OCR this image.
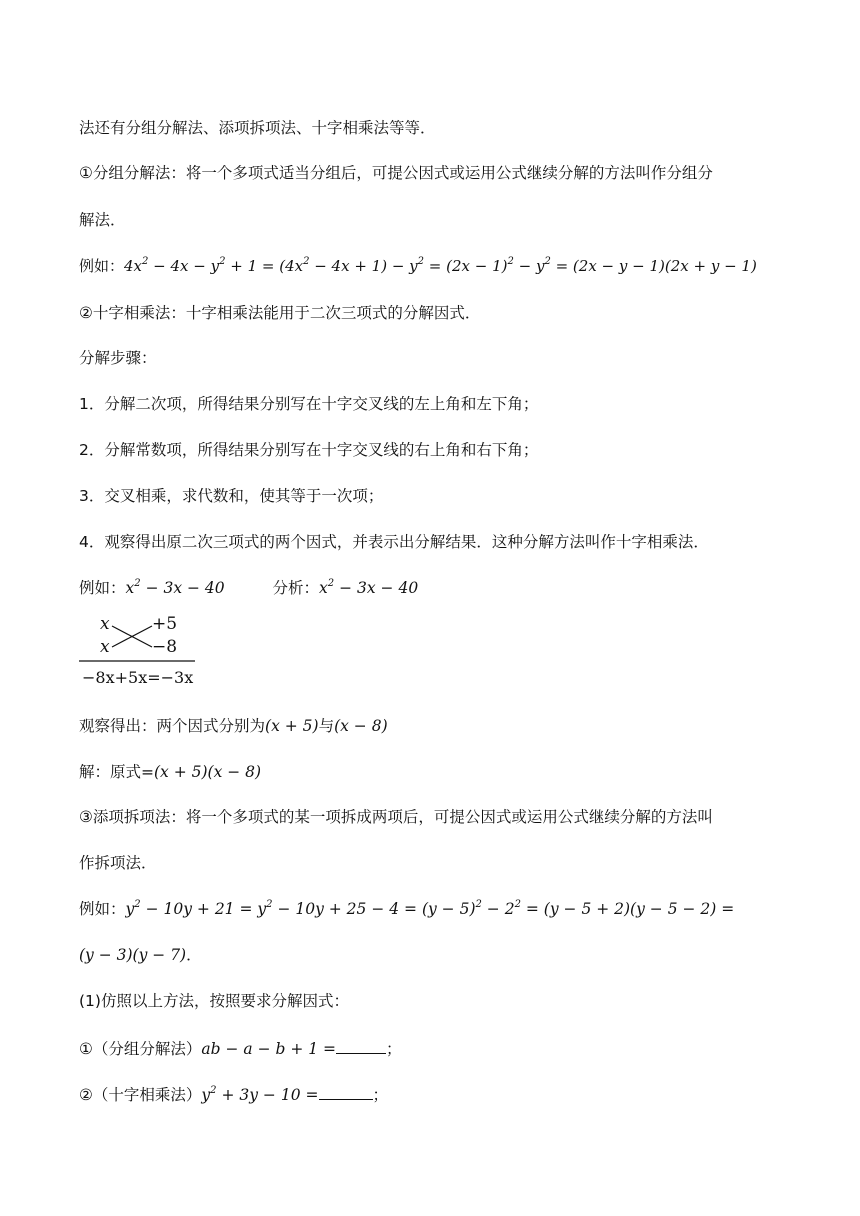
法还有分组分解法、添项拆项法、十字相乘法等等．
①分组分解法：将一个多项式适当分组后，可提公因式或运用公式继续分解的方法叫作分组分
解法．
例如：$4x^2 - 4x - y^2 + 1 = (4x^2 - 4x + 1) - y^2 = (2x - 1)^2 - y^2 = (2x - y - 1)(2x + y - 1)$
②十字相乘法：十字相乘法能用于二次三项式的分解因式．
分解步骤：
1．分解二次项，所得结果分别写在十字交叉线的左上角和左下角；
2．分解常数项，所得结果分别写在十字交叉线的右上角和右下角；
3．交叉相乘，求代数和，使其等于一次项；
4．观察得出原二次三项式的两个因式，并表示出分解结果．这种分解方法叫作十字相乘法．
例如：$x^2 - 3x - 40$	分析：$x^2 - 3x - 40$
x
x
+5
−8
−8x+5x=−3x
观察得出：两个因式分别为(x + 5)与(x − 8)
解：原式=(x + 5)(x − 8)
③添项拆项法：将一个多项式的某一项拆成两项后，可提公因式或运用公式继续分解的方法叫
作拆项法．
例如：$y^2 - 10y + 21 = y^2 - 10y + 25 - 4 = (y - 5)^2 - 2^2 = (y - 5 + 2)(y - 5 - 2)$ =
(y − 3)(y − 7)．
(1)仿照以上方法，按照要求分解因式：
①（分组分解法）ab − a − b + 1 =	；
②（十字相乘法）$y^2 + 3y - 10$ =	；
